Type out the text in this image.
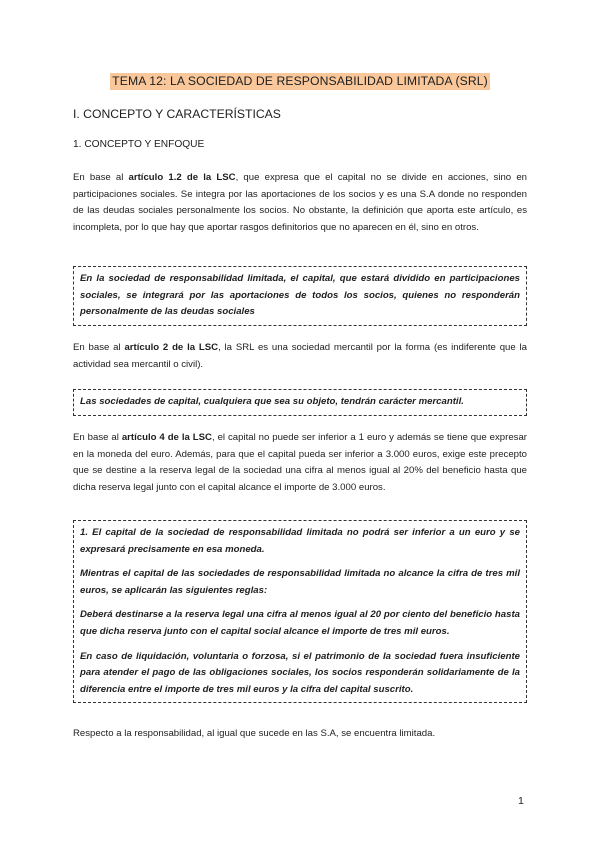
TEMA 12: LA SOCIEDAD DE RESPONSABILIDAD LIMITADA (SRL)
I. CONCEPTO Y CARACTERÍSTICAS
1. CONCEPTO Y ENFOQUE
En base al artículo 1.2 de la LSC, que expresa que el capital no se divide en acciones, sino en participaciones sociales. Se integra por las aportaciones de los socios y es una S.A donde no responden de las deudas sociales personalmente los socios. No obstante, la definición que aporta este artículo, es incompleta, por lo que hay que aportar rasgos definitorios que no aparecen en él, sino en otros.

En la sociedad de responsabilidad limitada, el capital, que estará dividido en participaciones sociales, se integrará por las aportaciones de todos los socios, quienes no responderán personalmente de las deudas sociales

En base al artículo 2 de la LSC, la SRL es una sociedad mercantil por la forma (es indiferente que la actividad sea mercantil o civil).

Las sociedades de capital, cualquiera que sea su objeto, tendrán carácter mercantil.

En base al artículo 4 de la LSC, el capital no puede ser inferior a 1 euro y además se tiene que expresar en la moneda del euro. Además, para que el capital pueda ser inferior a 3.000 euros, exige este precepto que se destine a la reserva legal de la sociedad una cifra al menos igual al 20% del beneficio hasta que dicha reserva legal junto con el capital alcance el importe de 3.000 euros.

1. El capital de la sociedad de responsabilidad limitada no podrá ser inferior a un euro y se expresará precisamente en esa moneda.

Mientras el capital de las sociedades de responsabilidad limitada no alcance la cifra de tres mil euros, se aplicarán las siguientes reglas:

Deberá destinarse a la reserva legal una cifra al menos igual al 20 por ciento del beneficio hasta que dicha reserva junto con el capital social alcance el importe de tres mil euros.

En caso de liquidación, voluntaria o forzosa, si el patrimonio de la sociedad fuera insuficiente para atender el pago de las obligaciones sociales, los socios responderán solidariamente de la diferencia entre el importe de tres mil euros y la cifra del capital suscrito.

Respecto a la responsabilidad, al igual que sucede en las S.A, se encuentra limitada.
1
